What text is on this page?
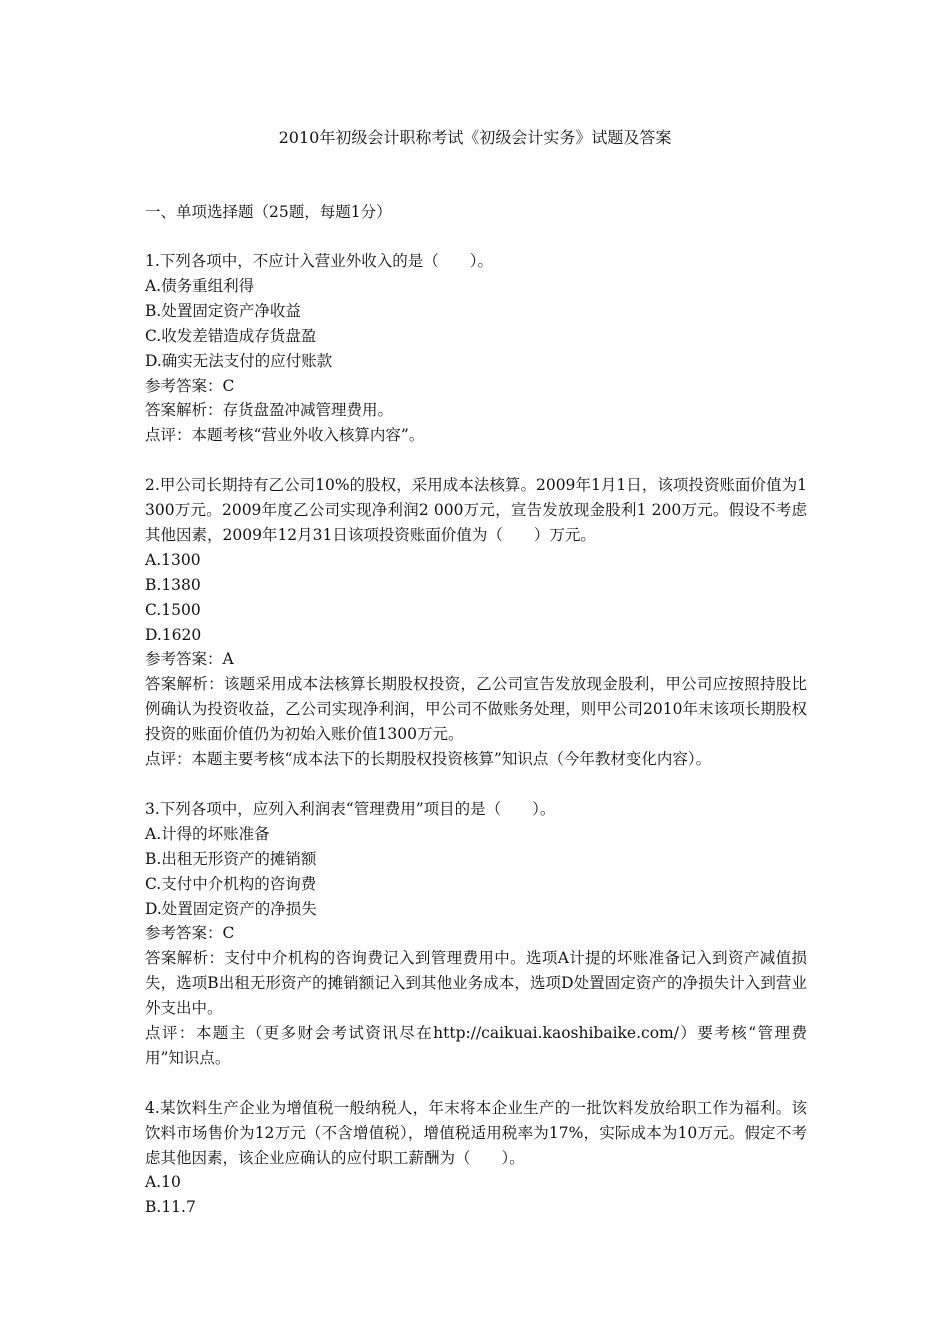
2010年初级会计职称考试《初级会计实务》试题及答案
一、单项选择题（25题，每题1分）
1.下列各项中，不应计入营业外收入的是（　　）。
A.债务重组利得
B.处置固定资产净收益
C.收发差错造成存货盘盈
D.确实无法支付的应付账款
参考答案：C
答案解析：存货盘盈冲减管理费用。
点评：本题考核“营业外收入核算内容”。
2.甲公司长期持有乙公司10%的股权，采用成本法核算。2009年1月1日，该项投资账面价值为1 300万元。2009年度乙公司实现净利润2 000万元，宣告发放现金股利1 200万元。假设不考虑其他因素，2009年12月31日该项投资账面价值为（　　）万元。
A.1300
B.1380
C.1500
D.1620
参考答案：A
答案解析：该题采用成本法核算长期股权投资，乙公司宣告发放现金股利，甲公司应按照持股比例确认为投资收益，乙公司实现净利润，甲公司不做账务处理，则甲公司2010年末该项长期股权投资的账面价值仍为初始入账价值1300万元。
点评：本题主要考核“成本法下的长期股权投资核算”知识点（今年教材变化内容）。
3.下列各项中，应列入利润表“管理费用”项目的是（　　）。
A.计得的坏账准备
B.出租无形资产的摊销额
C.支付中介机构的咨询费
D.处置固定资产的净损失
参考答案：C
答案解析：支付中介机构的咨询费记入到管理费用中。选项A计提的坏账准备记入到资产减值损失，选项B出租无形资产的摊销额记入到其他业务成本，选项D处置固定资产的净损失计入到营业外支出中。
点评：本题主（更多财会考试资讯尽在http://caikuai.kaoshibaike.com/）要考核“管理费用”知识点。
4.某饮料生产企业为增值税一般纳税人，年末将本企业生产的一批饮料发放给职工作为福利。该饮料市场售价为12万元（不含增值税），增值税适用税率为17%，实际成本为10万元。假定不考虑其他因素，该企业应确认的应付职工薪酬为（　　）。
A.10
B.11.7
